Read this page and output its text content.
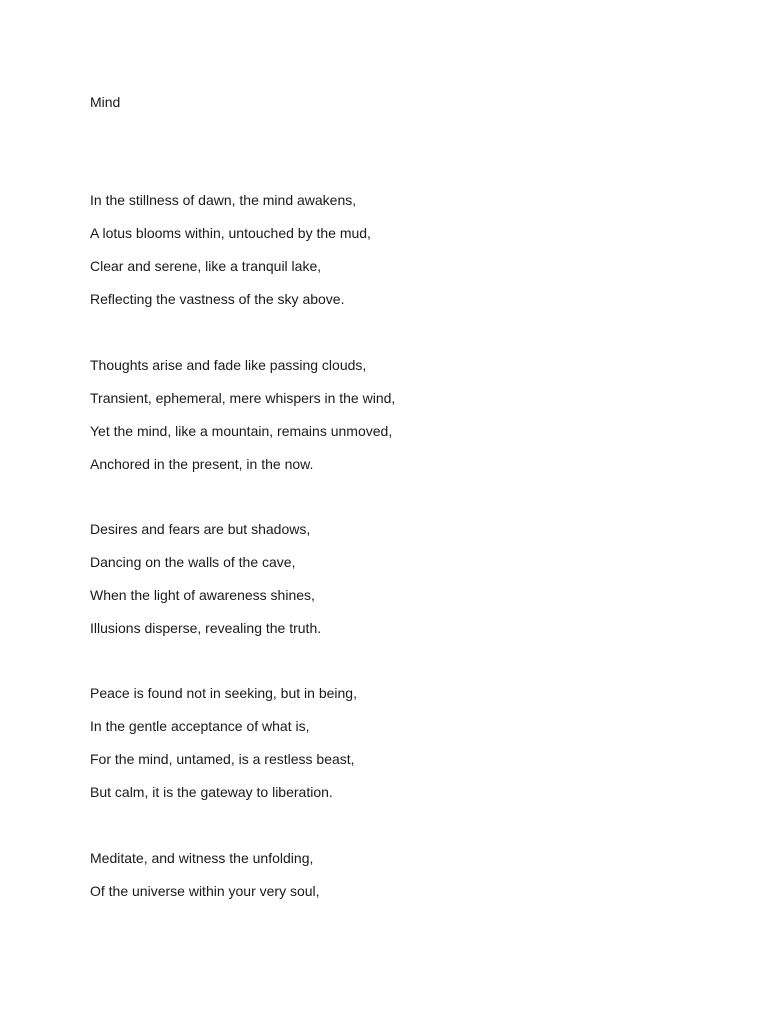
Mind
In the stillness of dawn, the mind awakens,
A lotus blooms within, untouched by the mud,
Clear and serene, like a tranquil lake,
Reflecting the vastness of the sky above.
Thoughts arise and fade like passing clouds,
Transient, ephemeral, mere whispers in the wind,
Yet the mind, like a mountain, remains unmoved,
Anchored in the present, in the now.
Desires and fears are but shadows,
Dancing on the walls of the cave,
When the light of awareness shines,
Illusions disperse, revealing the truth.
Peace is found not in seeking, but in being,
In the gentle acceptance of what is,
For the mind, untamed, is a restless beast,
But calm, it is the gateway to liberation.
Meditate, and witness the unfolding,
Of the universe within your very soul,
